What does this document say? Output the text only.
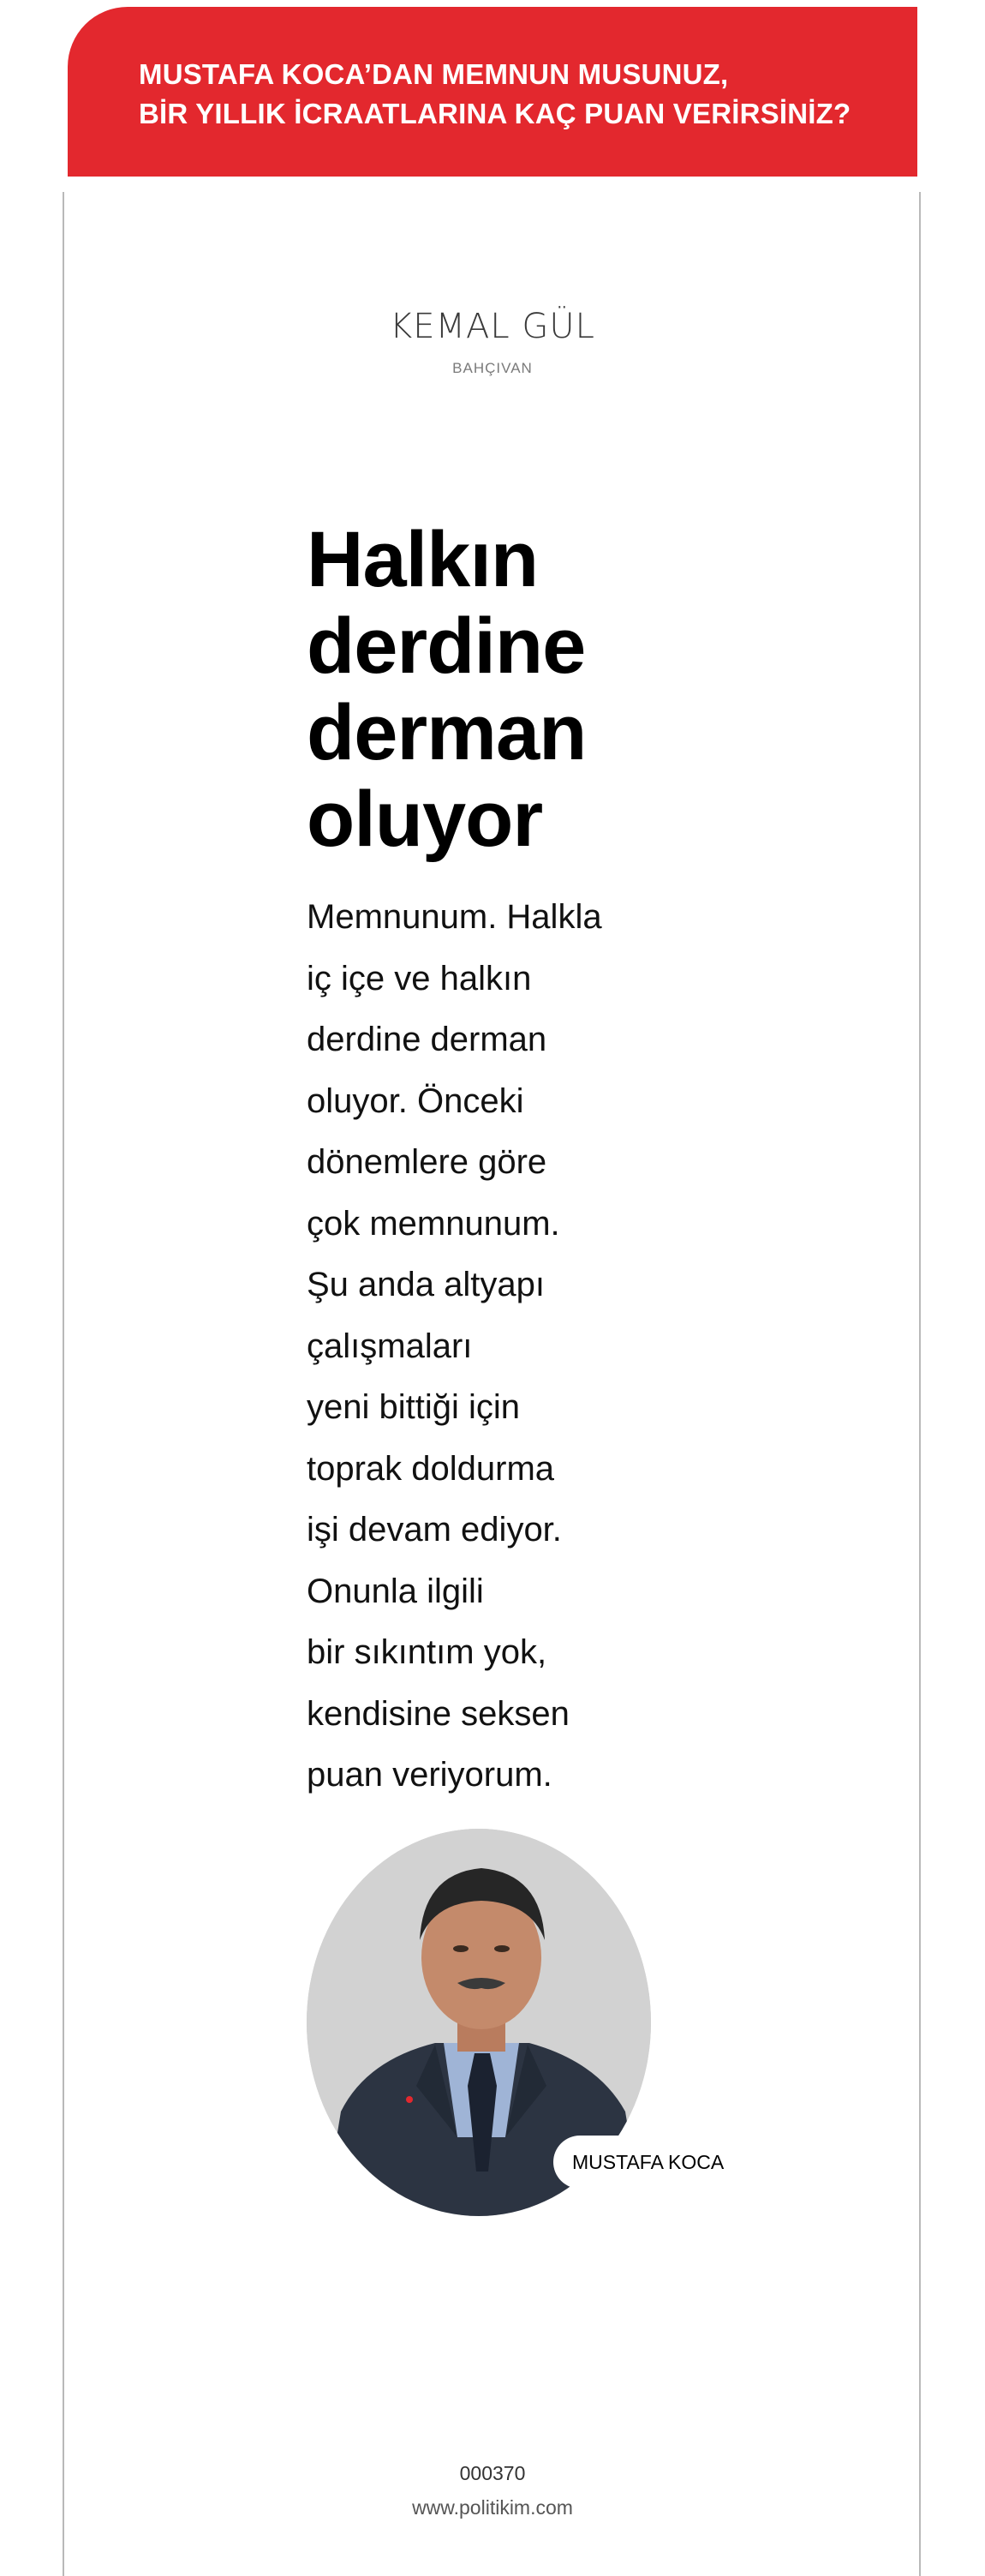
MUSTAFA KOCA’DAN MEMNUN MUSUNUZ,
BİR YILLIK İCRAATLARINA KAÇ PUAN VERİRSİNİZ?
KEMAL GÜL
BAHÇIVAN
Halkın
derdine
derman
oluyor
Memnunum. Halkla
iç içe ve halkın
derdine derman
oluyor. Önceki
dönemlere göre
çok memnunum.
Şu anda altyapı
çalışmaları
yeni bittiği için
toprak doldurma
işi devam ediyor.
Onunla ilgili
bir sıkıntım yok,
kendisine seksen
puan veriyorum.
MUSTAFA KOCA
000370
www.politikim.com
